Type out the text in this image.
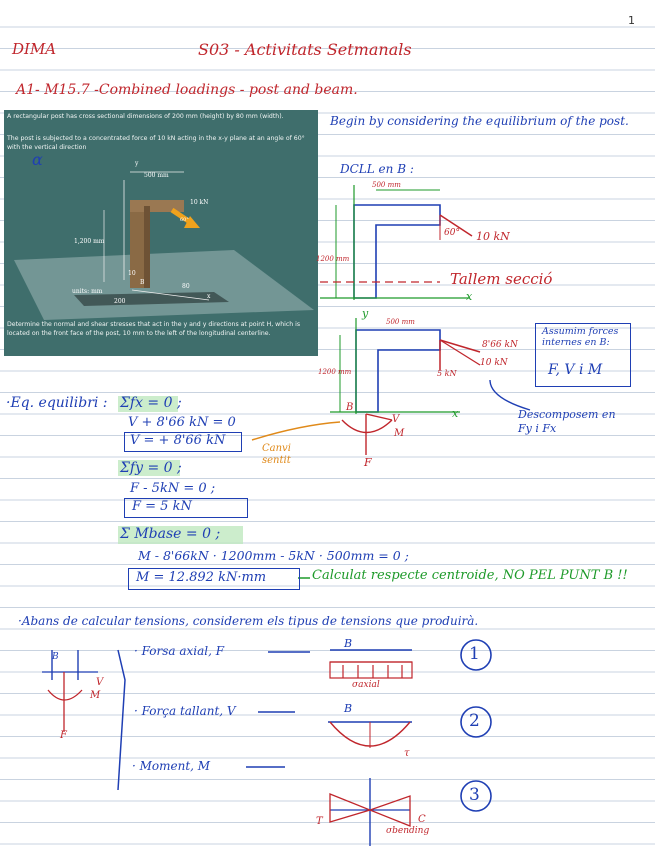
1
DIMA	S03 - Activitats Setmanals
A1- M15.7 -Combined loadings - post and beam.
A rectangular post has cross sectional dimensions of 200 mm (height) by 80 mm (width).
The post is subjected to a concentrated force of 10 kN acting in the x-y plane at an angle of 60° with the vertical direction
Determine the normal and shear stresses that act in the y and y directions at point H, which is located on the front face of the post, 10 mm to the left of the longitudinal centerline.
α	y
500 mm
10 kN
60°
1,200 mm
10
B
80
200
x
units: mm
Begin by considering the equilibrium of the post.
DCLL en B :
500 mm
60° 10 kN
1200 mm
Tallem secció
x
y
500 mm
8'66 kN
5 kN
10 kN
1200 mm
Assumim forces internes en B:
F, V i M
Descomposem en Fy i Fx
x
B
V
M
F
Canvi sentit
·Eq. equilibri : Σfx = 0 ;
V + 8'66 kN = 0
V = + 8'66 kN
Σfy = 0 ;
F - 5kN = 0 ;
F = 5 kN
Σ Mbase = 0 ;
M - 8'66kN · 1200mm - 5kN · 500mm = 0 ;
M = 12.892 kN·mm	Calculat respecte centroide, NO PEL PUNT B !!
·Abans de calcular tensions, considerem els tipus de tensions que produirà.
· Forsa axial, F
· Força tallant, V
· Moment, M
B
V
M
F
B
σaxial
B
τ
T	C
σbending
1
2
3
